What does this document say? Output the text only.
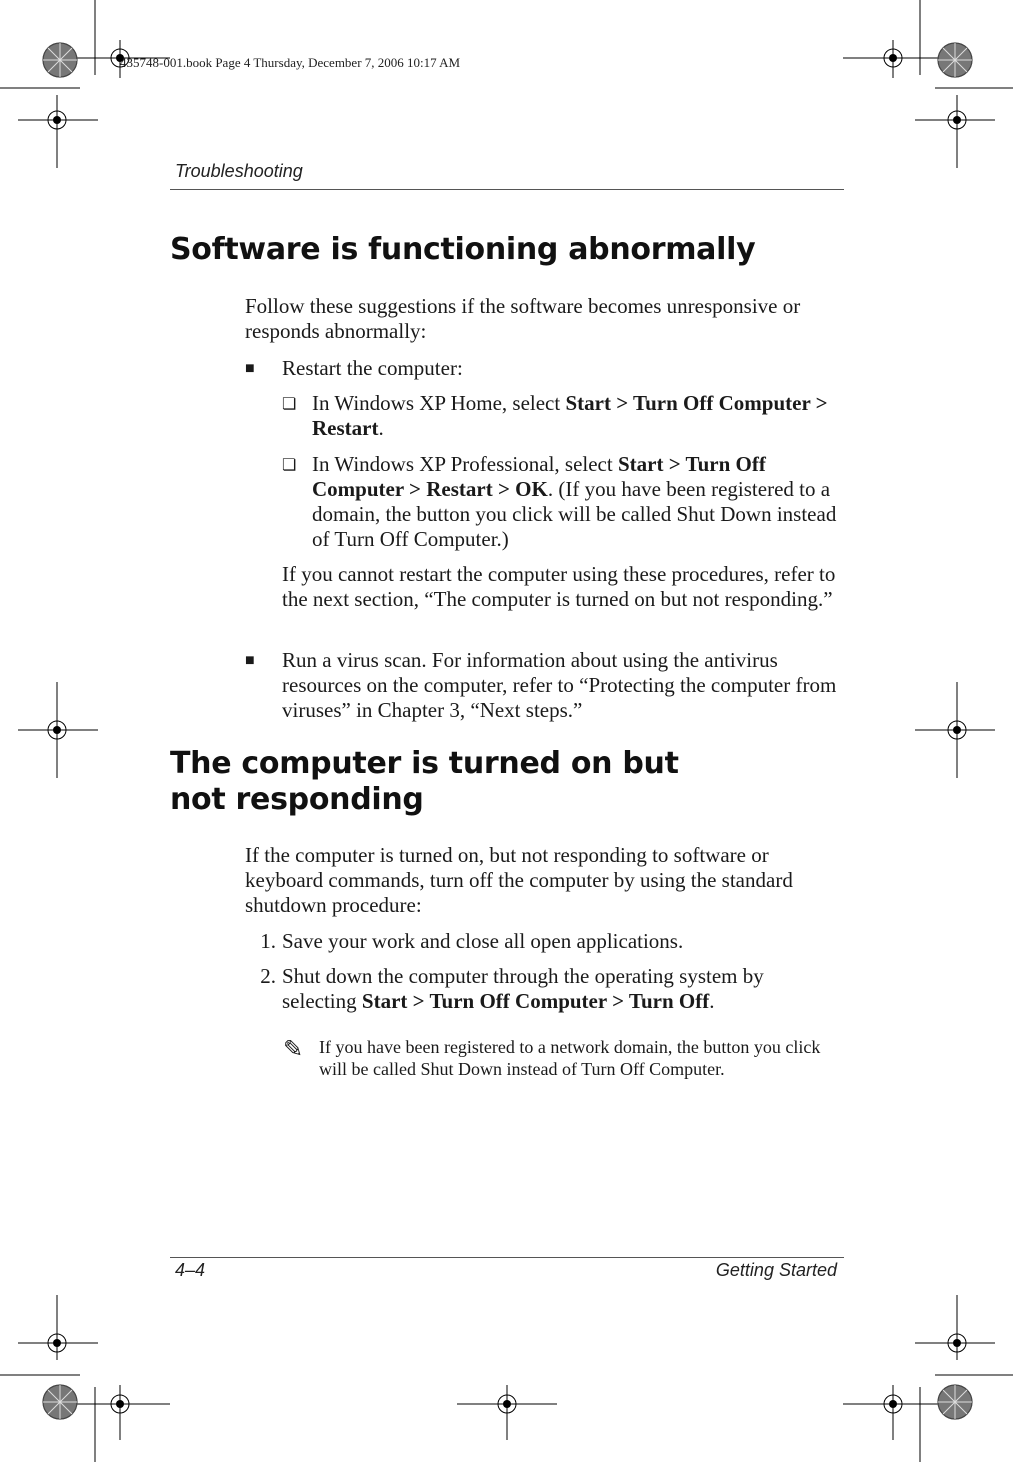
435748-001.book Page 4 Thursday, December 7, 2006 10:17 AM
Troubleshooting
Software is functioning abnormally
Follow these suggestions if the software becomes unresponsive or responds abnormally:
■	Restart the computer:
❏ In Windows XP Home, select Start > Turn Off Computer > Restart.
❏ In Windows XP Professional, select Start > Turn Off Computer > Restart > OK. (If you have been registered to a domain, the button you click will be called Shut Down instead of Turn Off Computer.)
If you cannot restart the computer using these procedures, refer to the next section, “The computer is turned on but not responding.”
■	Run a virus scan. For information about using the antivirus resources on the computer, refer to “Protecting the computer from viruses” in Chapter 3, “Next steps.”
The computer is turned on but not responding
If the computer is turned on, but not responding to software or keyboard commands, turn off the computer by using the standard shutdown procedure:
1. Save your work and close all open applications.
2. Shut down the computer through the operating system by selecting Start > Turn Off Computer > Turn Off.
✎ If you have been registered to a network domain, the button you click will be called Shut Down instead of Turn Off Computer.
4–4	Getting Started
